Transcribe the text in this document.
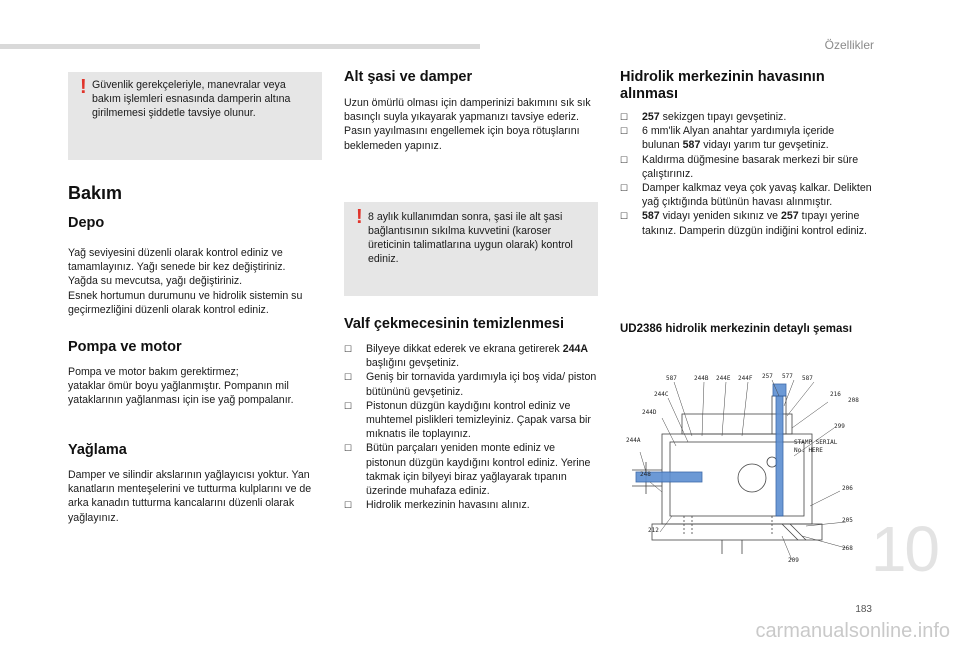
Özellikler
! Güvenlik gerekçeleriyle, manevralar veya bakım işlemleri esnasında damperin altına girilmemesi şiddetle tavsiye olunur.
Bakım
Depo
Yağ seviyesini düzenli olarak kontrol ediniz ve tamamlayınız. Yağı senede bir kez değiştiriniz.
Yağda su mevcutsa, yağı değiştiriniz.
Esnek hortumun durumunu ve hidrolik sistemin su geçirmezliğini düzenli olarak kontrol ediniz.
Pompa ve motor
Pompa ve motor bakım gerektirmez;
yataklar ömür boyu yağlanmıştır. Pompanın mil yataklarının yağlanması için ise yağ pompalanır.
Yağlama
Damper ve silindir akslarının yağlayıcısı yoktur. Yan kanatların menteşelerini ve tutturma kulplarını ve de arka kanadın tutturma kancalarını düzenli olarak yağlayınız.
Alt şasi ve damper
Uzun ömürlü olması için damperinizi bakımını sık sık basınçlı suyla yıkayarak yapmanızı tavsiye ederiz.
Pasın yayılmasını engellemek için boya rötuşlarını beklemeden yapınız.
! 8 aylık kullanımdan sonra, şasi ile alt şasi bağlantısının sıkılma kuvvetini (karoser üreticinin talimatlarına uygun olarak) kontrol ediniz.
Valf çekmecesinin temizlenmesi
☐ Bilyeye dikkat ederek ve ekrana getirerek 244A başlığını gevşetiniz.
☐ Geniş bir tornavida yardımıyla içi boş vida/ piston bütününü gevşetiniz.
☐ Pistonun düzgün kaydığını kontrol ediniz ve muhtemel pislikleri temizleyiniz. Çapak varsa bir mıknatıs ile toplayınız.
☐ Bütün parçaları yeniden monte ediniz ve pistonun düzgün kaydığını kontrol ediniz. Yerine takmak için bilyeyi biraz yağlayarak tıpanın üzerinde muhafaza ediniz.
☐ Hidrolik merkezinin havasını alınız.
Hidrolik merkezinin havasının alınması
☐ 257 sekizgen tıpayı gevşetiniz.
☐ 6 mm'lik Alyan anahtar yardımıyla içeride bulunan 587 vidayı yarım tur gevşetiniz.
☐ Kaldırma düğmesine basarak merkezi bir süre çalıştırınız.
☐ Damper kalkmaz veya çok yavaş kalkar. Delikten yağ çıktığında bütünün havası alınmıştır.
☐ 587 vidayı yeniden sıkınız ve 257 tıpayı yerine takınız. Damperin düzgün indiğini kontrol ediniz.
UD2386 hidrolik merkezinin detaylı şeması
587	244B 244E 244F 257 577 587
244C	216
208
244D
299
244A
248
206
212
205
209
268
STAMP SERIAL
No. HERE
10
183
carmanualsonline.info
